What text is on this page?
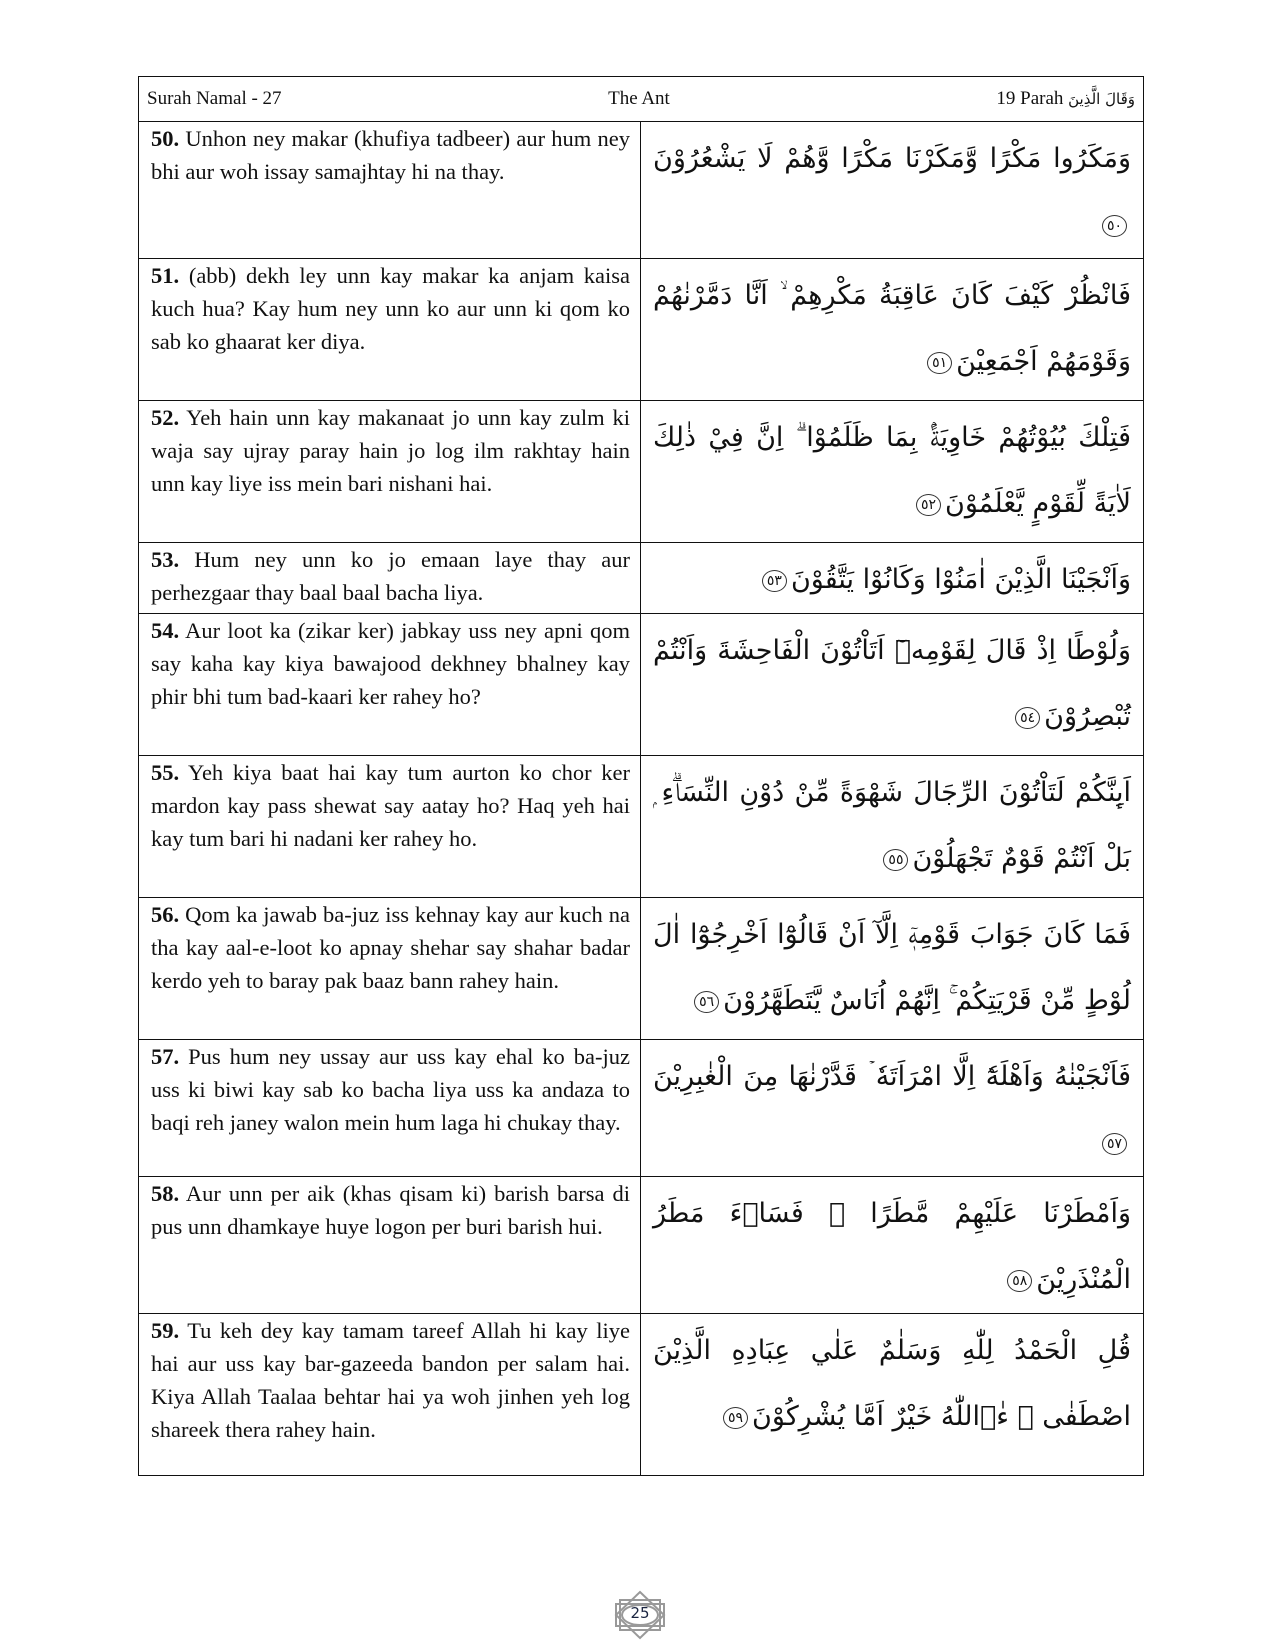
Surah Namal - 27 The Ant 19 Parah وَقَالَ الَّذِينَ	

50. Unhon ney makar (khufiya tadbeer) aur hum ney bhi aur woh issay samajhtay hi na thay.	وَمَكَرُوا مَكْرًا وَّمَكَرْنَا مَكْرًا وَّهُمْ لَا يَشْعُرُوْنَ٥٠
51. (abb) dekh ley unn kay makar ka anjam kaisa kuch hua? Kay hum ney unn ko aur unn ki qom ko sab ko ghaarat ker diya.	فَانْظُرْ كَيْفَ كَانَ عَاقِبَةُ مَكْرِهِمْ ۙ اَنَّا دَمَّرْنٰهُمْ وَقَوْمَهُمْ اَجْمَعِيْنَ٥١
52. Yeh hain unn kay makanaat jo unn kay zulm ki waja say ujray paray hain jo log ilm rakhtay hain unn kay liye iss mein bari nishani hai.	فَتِلْكَ بُيُوْتُهُمْ خَاوِيَةًۢ بِمَا ظَلَمُوْا ۗ اِنَّ فِيْ ذٰلِكَ لَاٰيَةً لِّقَوْمٍ يَّعْلَمُوْنَ٥٢
53. Hum ney unn ko jo emaan laye thay aur perhezgaar thay baal baal bacha liya.	وَاَنْجَيْنَا الَّذِيْنَ اٰمَنُوْا وَكَانُوْا يَتَّقُوْنَ٥٣
54. Aur loot ka (zikar ker) jabkay uss ney apni qom say kaha kay kiya bawajood dekhney bhalney kay phir bhi tum bad-kaari ker rahey ho?	وَلُوْطًا اِذْ قَالَ لِقَوْمِهٖٓ اَتَاْتُوْنَ الْفَاحِشَةَ وَاَنْتُمْ تُبْصِرُوْنَ٥٤
55. Yeh kiya baat hai kay tum aurton ko chor ker mardon kay pass shewat say aatay ho? Haq yeh hai kay tum bari hi nadani ker rahey ho.	اَىِٕنَّكُمْ لَتَاْتُوْنَ الرِّجَالَ شَهْوَةً مِّنْ دُوْنِ النِّسَاۗءِ ۭ بَلْ اَنْتُمْ قَوْمٌ تَجْهَلُوْنَ٥٥
56. Qom ka jawab ba-juz iss kehnay kay aur kuch na tha kay aal-e-loot ko apnay shehar say shahar badar kerdo yeh to baray pak baaz bann rahey hain.	فَمَا كَانَ جَوَابَ قَوْمِهٖٓ اِلَّآ اَنْ قَالُوْٓا اَخْرِجُوْٓا اٰلَ لُوْطٍ مِّنْ قَرْيَتِكُمْ ۚ اِنَّهُمْ اُنَاسٌ يَّتَطَهَّرُوْنَ٥٦
57. Pus hum ney ussay aur uss kay ehal ko ba-juz uss ki biwi kay sab ko bacha liya uss ka andaza to baqi reh janey walon mein hum laga hi chukay thay.	فَاَنْجَيْنٰهُ وَاَهْلَهٗٓ اِلَّا امْرَاَتَهٗ ۡ قَدَّرْنٰهَا مِنَ الْغٰبِرِيْنَ٥٧
58. Aur unn per aik (khas qisam ki) barish barsa di pus unn dhamkaye huye logon per buri barish hui.	وَاَمْطَرْنَا عَلَيْهِمْ مَّطَرًا ۚ فَسَاۗءَ مَطَرُ الْمُنْذَرِيْنَ٥٨
59. Tu keh dey kay tamam tareef Allah hi kay liye hai aur uss kay bar-gazeeda bandon per salam hai. Kiya Allah Taalaa behtar hai ya woh jinhen yeh log shareek thera rahey hain.	قُلِ الْحَمْدُ لِلّٰهِ وَسَلٰمٌ عَلٰي عِبَادِهِ الَّذِيْنَ اصْطَفٰى ۭ ءٰۗاللّٰهُ خَيْرٌ اَمَّا يُشْرِكُوْنَ٥٩
25
